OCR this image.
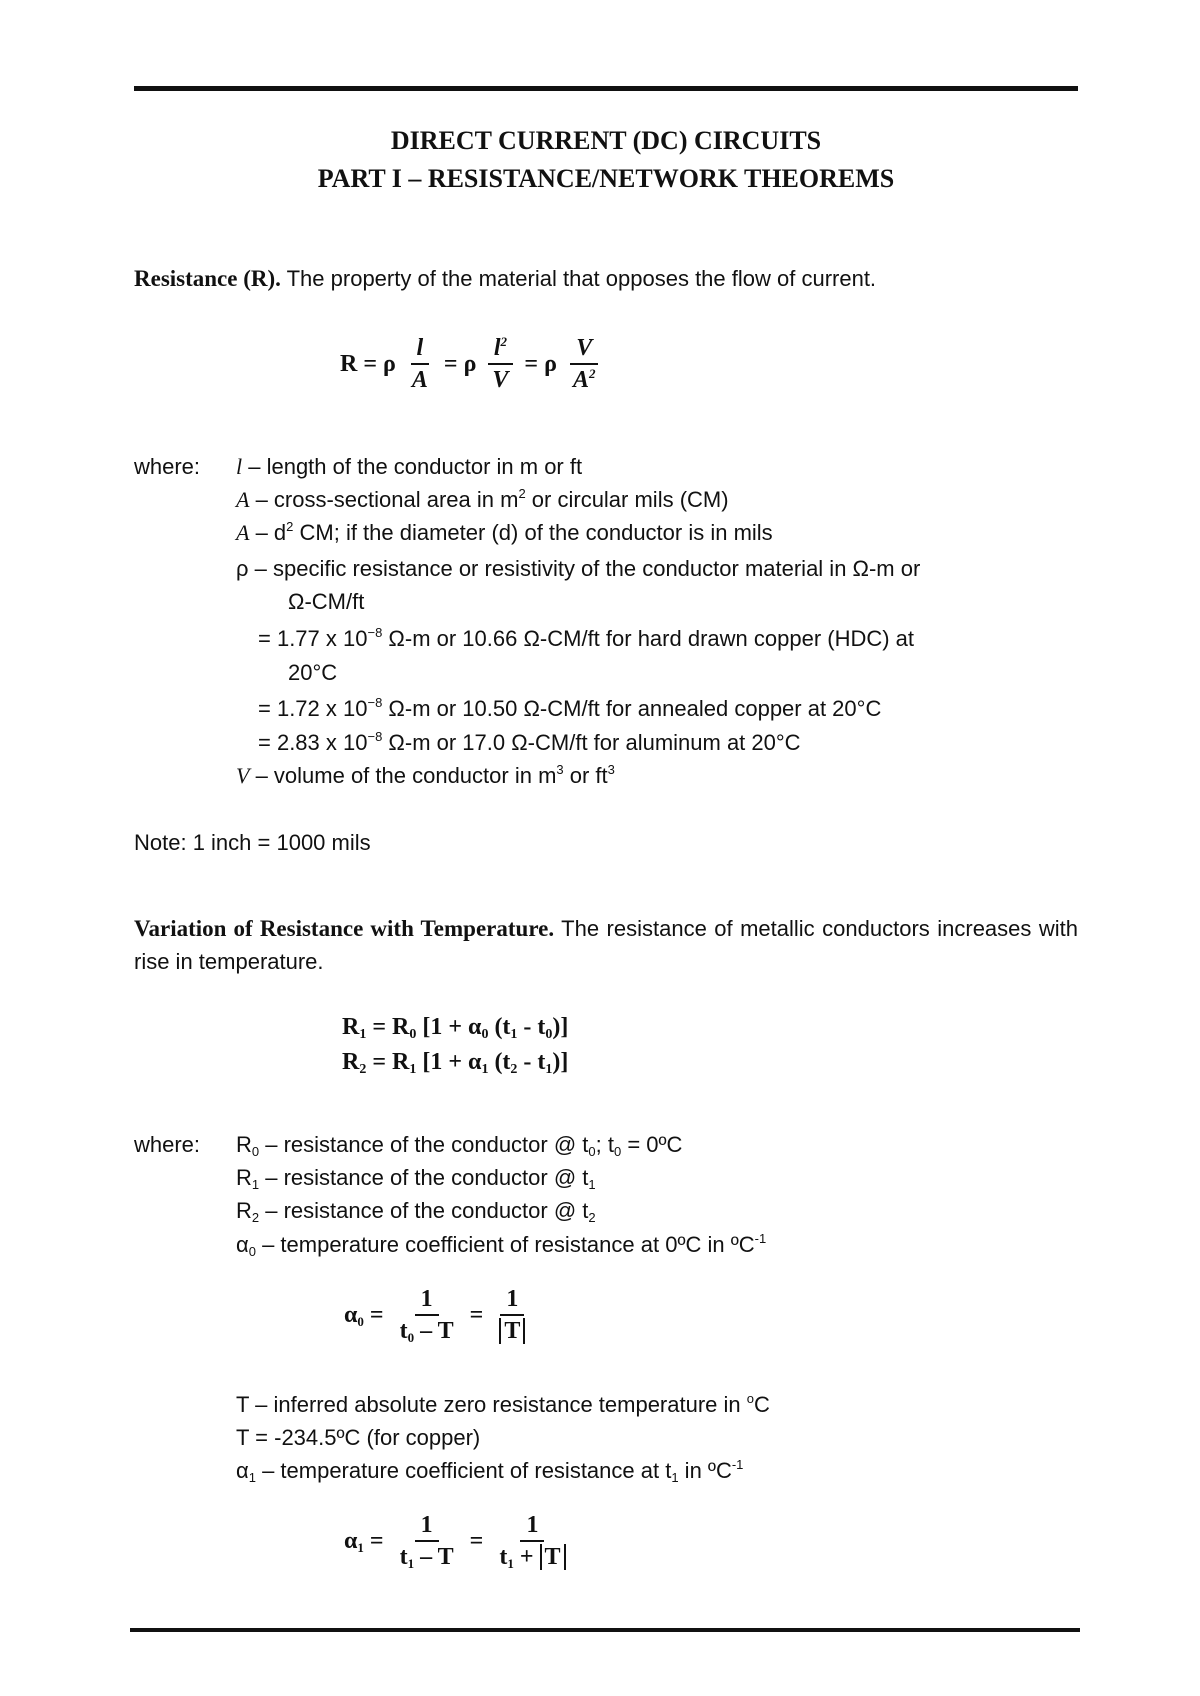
DIRECT CURRENT (DC) CIRCUITS
PART I – RESISTANCE/NETWORK THEOREMS
Resistance (R). The property of the material that opposes the flow of current.
R = ρ $\frac{l}{A} = \rho \frac{l^2}{V} = \rho \frac{V}{A^2}$
where: l – length of the conductor in m or ft
A – cross-sectional area in $m^2$ or circular mils (CM)
A – $d^2$ CM; if the diameter (d) of the conductor is in mils
ρ – specific resistance or resistivity of the conductor material in Ω-m or
Ω-CM/ft
= 1.77 x $10^{-8}$ Ω-m or 10.66 Ω-CM/ft for hard drawn copper (HDC) at
20°C
= 1.72 x $10^{-8}$ Ω-m or 10.50 Ω-CM/ft for annealed copper at 20°C
= 2.83 x $10^{-8}$ Ω-m or 17.0 Ω-CM/ft for aluminum at 20°C
V – volume of the conductor in $m^3$ or $ft^3$
Note: 1 inch = 1000 mils
Variation of Resistance with Temperature. The resistance of metallic conductors increases with rise in temperature.
$R_1 = R_0$ [$1 + \alpha_0$ $(t_1 - t_0)$]
$R_2 = R_1$ [$1 + \alpha_1$ $(t_2 - t_1)$]
where: $R_0$ – resistance of the conductor @ $t_0$; $t_0$ = 0ºC
$R_1$ – resistance of the conductor @ $t_1$
$R_2$ – resistance of the conductor @ $t_2$
$\alpha_0$ – temperature coefficient of resistance at 0ºC in ºC$^{-1}$
$\alpha_0 = \frac{1}{t_0 - T} = \frac{1}{T}$
T – inferred absolute zero resistance temperature in $^o$C
T = -234.5ºC (for copper)
$\alpha_1$ – temperature coefficient of resistance at $t_1$ in ºC$^{-1}$
$\alpha_1 = \frac{1}{t_1 - T} = \frac{1}{t_1 + T}$
